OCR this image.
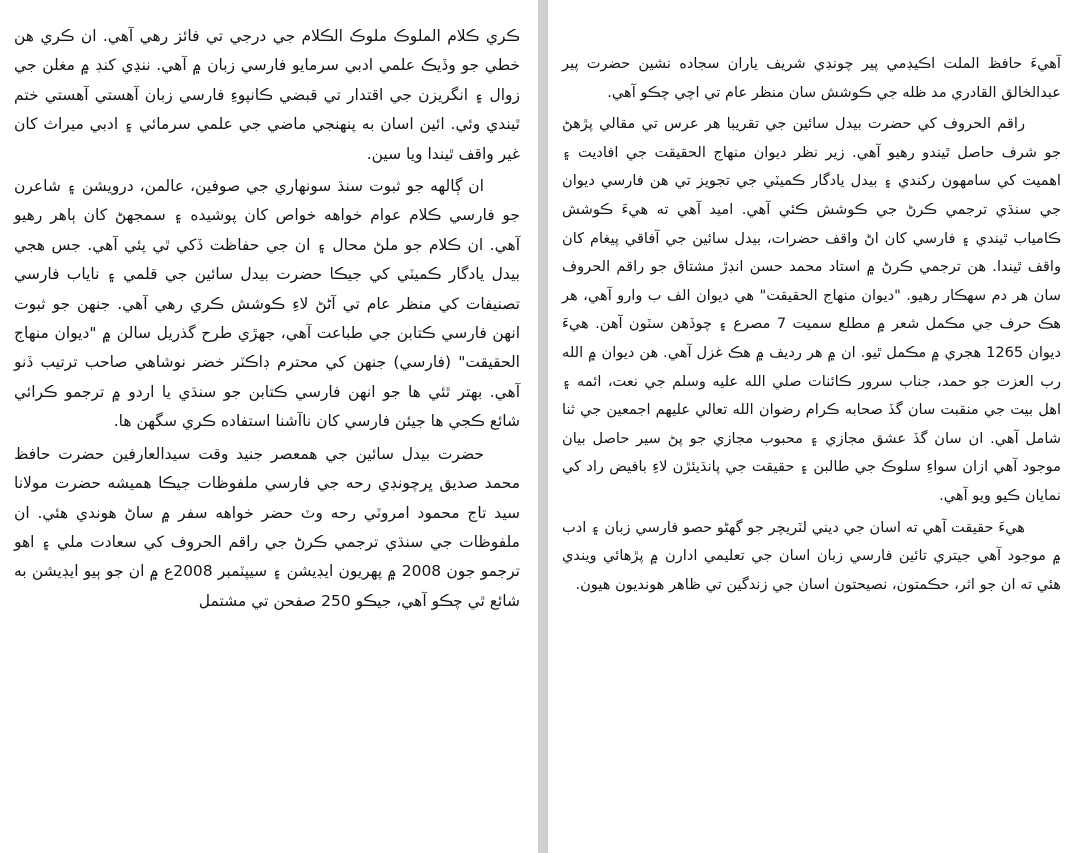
ڪري ڪلام الملوڪ ملوڪ الڪلام جي درجي تي فائز رهي آهي. ان ڪري هن خطي جو وڏيڪ علمي ادبي سرمايو فارسي زبان ۾ آهي. ننڍي کنڊ ۾ مغلن جي زوال ۽ انگريزن جي اقتدار تي قبضي ڪانپوءِ فارسي زبان آهستي آهستي ختم ٿيندي وئي. ائين اسان به پنهنجي ماضي جي علمي سرمائي ۽ ادبي ميراث کان غير واقف ٿيندا ويا سين.

ان ڳالهه جو ثبوت سنڌ سونهاري جي صوفين، عالمن، درويشن ۽ شاعرن جو فارسي ڪلام عوام خواهه خواص کان پوشيده ۽ سمجهڻ کان ٻاهر رهيو آهي. ان ڪلام جو ملڻ محال ۽ ان جي حفاظت ڏکي ٿي پئي آهي. جس هجي بيدل يادگار ڪميٽي کي جيڪا حضرت بيدل سائين جي قلمي ۽ ناياب فارسي تصنيفات کي منظر عام تي آڻڻ لاءِ ڪوشش ڪري رهي آهي. جنهن جو ثبوت انهن فارسي ڪتابن جي طباعت آهي، جهڙي طرح گذريل سالن ۾ "ديوان منهاج الحقيقت" (فارسي) جنهن کي محترم ڊاڪٽر خضر نوشاهي صاحب ترتيب ڏنو آهي. بهتر ٿئي ها جو انهن فارسي ڪتابن جو سنڌي يا اردو ۾ ترجمو ڪرائي شائع ڪجي ها جيئن فارسي کان ناآشنا استفاده ڪري سگهن ها.

حضرت بيدل سائين جي همعصر جنيد وقت سيدالعارفين حضرت حافظ محمد صديق ڀرچونڊي رحه جي فارسي ملفوظات جيڪا هميشه حضرت مولانا سيد تاج محمود امروٽي رحه وٽ حضر خواهه سفر ۾ ساڻ هوندي هئي. ان ملفوظات جي سنڌي ترجمي ڪرڻ جي راقم الحروف کي سعادت ملي ۽ اهو ترجمو جون 2008 ۾ پهريون ايڊيشن ۽ سيپٽمبر 2008ع ۾ ان جو ٻيو ايڊيشن به شائع ٿي چڪو آهي، جيڪو 250 صفحن تي مشتمل

آهيءَ حافظ الملت اڪيڊمي پير چونڊي شريف ياران سجاده نشين حضرت پير عبدالخالق القادري مد ظله جي ڪوشش سان منظر عام تي اچي چڪو آهي.

راقم الحروف کي حضرت بيدل سائين جي تقريبا هر عرس تي مقالي پڙهڻ جو شرف حاصل ٿيندو رهيو آهي. زير نظر ديوان منهاج الحقيقت جي افاديت ۽ اهميت کي سامهون رکندي ۽ بيدل يادگار ڪميٽي جي تجويز تي هن فارسي ديوان جي سنڌي ترجمي ڪرڻ جي ڪوشش ڪئي آهي. اميد آهي ته هيءَ ڪوشش ڪامياب ٿيندي ۽ فارسي کان اڻ واقف حضرات، بيدل سائين جي آفاقي پيغام کان واقف ٿيندا. هن ترجمي ڪرڻ ۾ استاد محمد حسن انڊڙ مشتاق جو راقم الحروف سان هر دم سهڪار رهيو. "ديوان منهاج الحقيقت" هي ديوان الف ب وارو آهي، هر هڪ حرف جي مڪمل شعر ۾ مطلع سميت 7 مصرع ۽ چوڏهن سٽون آهن. هيءَ ديوان 1265 هجري ۾ مڪمل ٿيو. ان ۾ هر رديف ۾ هڪ غزل آهي. هن ديوان ۾ الله رب العزت جو حمد، جناب سرور ڪائنات صلي الله عليه وسلم جي نعت، ائمه ۽ اهل بيت جي منقبت سان گڏ صحابه ڪرام رضوان الله تعالي عليهم اجمعين جي ثنا شامل آهي. ان سان گڏ عشق مجازي ۽ محبوب مجازي جو پڻ سير حاصل بيان موجود آهي ازان سواءِ سلوڪ جي طالبن ۽ حقيقت جي پانڌيئڙن لاءِ بافيض راد کي نمايان ڪيو ويو آهي.

هيءَ حقيقت آهي ته اسان جي ديني لٽريچر جو گهڻو حصو فارسي زبان ۽ ادب ۾ موجود آهي جيتري تائين فارسي زبان اسان جي تعليمي ادارن ۾ پڙهائي ويندي هئي ته ان جو اثر، حڪمتون، نصيحتون اسان جي زندگين تي ظاهر هونديون هيون.
